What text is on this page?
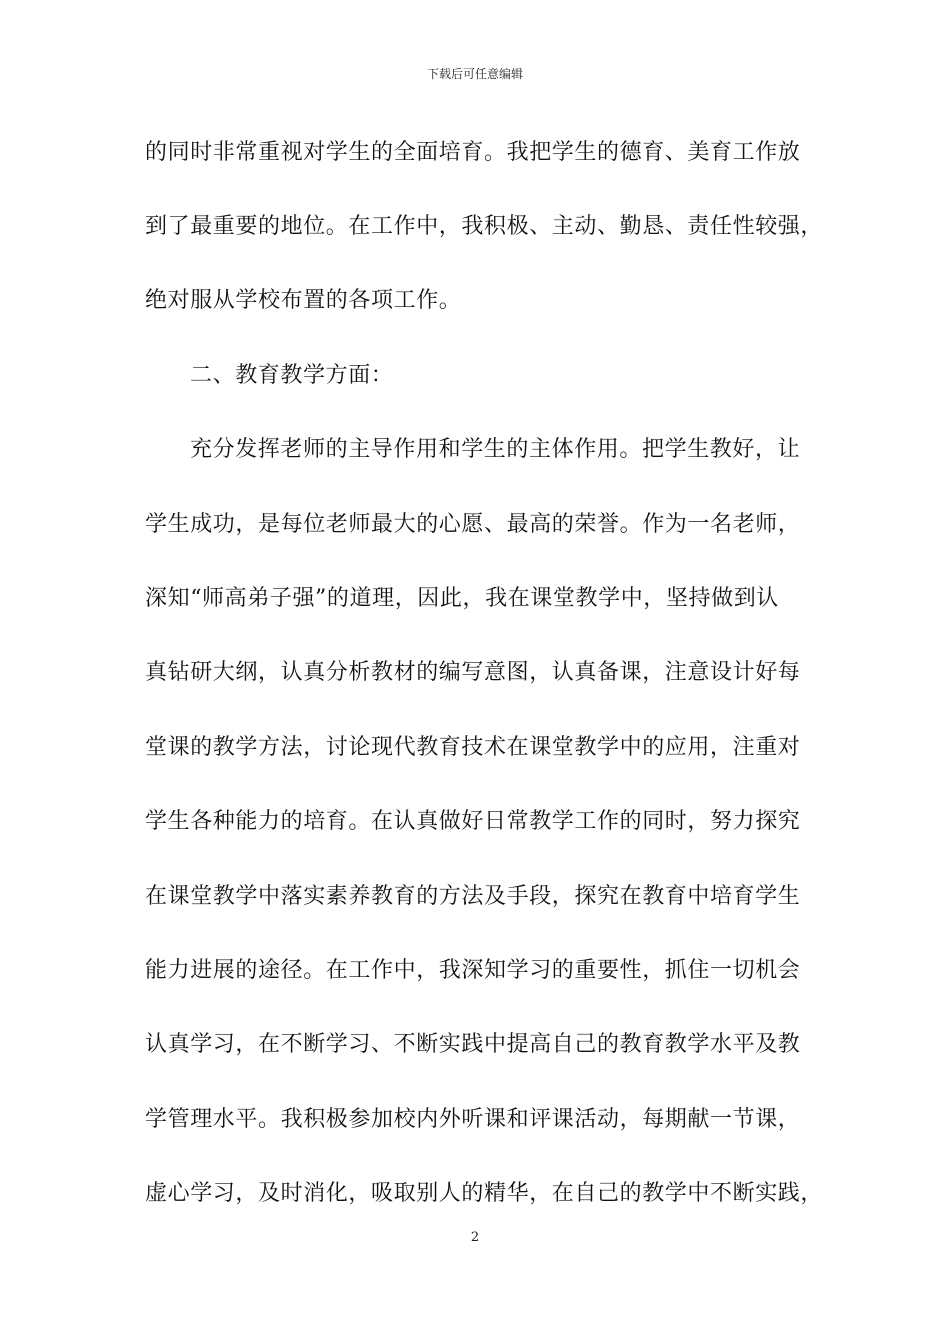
下载后可任意编辑
的同时非常重视对学生的全面培育。我把学生的德育、美育工作放
到了最重要的地位。在工作中，我积极、主动、勤恳、责任性较强，
绝对服从学校布置的各项工作。
二、教育教学方面：
充分发挥老师的主导作用和学生的主体作用。把学生教好，让
学生成功，是每位老师最大的心愿、最高的荣誉。作为一名老师，
深知“师高弟子强”的道理，因此，我在课堂教学中，坚持做到认
真钻研大纲，认真分析教材的编写意图，认真备课，注意设计好每
堂课的教学方法，讨论现代教育技术在课堂教学中的应用，注重对
学生各种能力的培育。在认真做好日常教学工作的同时，努力探究
在课堂教学中落实素养教育的方法及手段，探究在教育中培育学生
能力进展的途径。在工作中，我深知学习的重要性，抓住一切机会
认真学习，在不断学习、不断实践中提高自己的教育教学水平及教
学管理水平。我积极参加校内外听课和评课活动，每期献一节课，
虚心学习，及时消化，吸取别人的精华，在自己的教学中不断实践，
2
